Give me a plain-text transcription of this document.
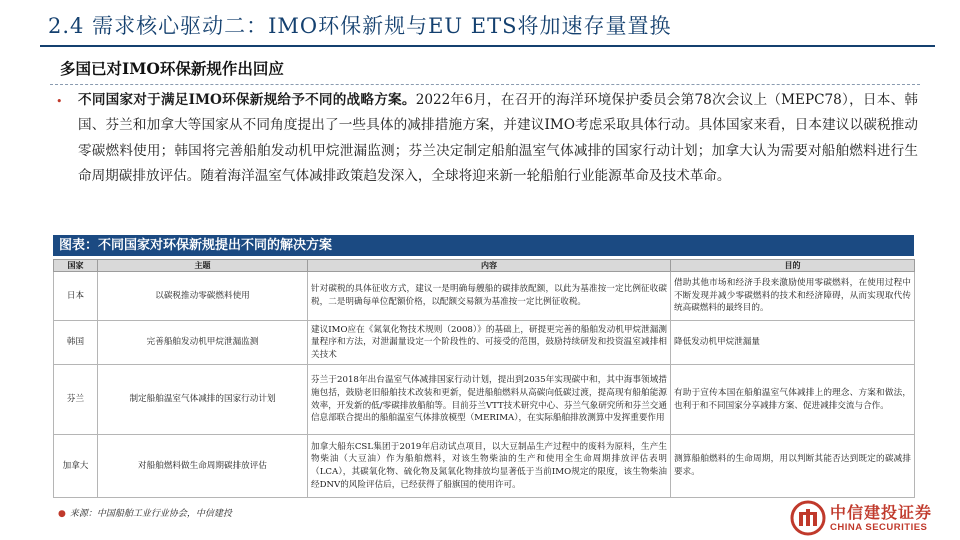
2.4 需求核心驱动二：IMO环保新规与EU ETS将加速存量置换
多国已对IMO环保新规作出回应
• 不同国家对于满足IMO环保新规给予不同的战略方案。2022年6月，在召开的海洋环境保护委员会第78次会议上（MEPC78），日本、韩国、芬兰和加拿大等国家从不同角度提出了一些具体的减排措施方案，并建议IMO考虑采取具体行动。具体国家来看，日本建议以碳税推动零碳燃料使用；韩国将完善船舶发动机甲烷泄漏监测；芬兰决定制定船舶温室气体减排的国家行动计划；加拿大认为需要对船舶燃料进行生命周期碳排放评估。随着海洋温室气体减排政策趋发深入，全球将迎来新一轮船舶行业能源革命及技术革命。
图表：不同国家对环保新规提出不同的解决方案
国家	主题	内容	目的
日本	以碳税推动零碳燃料使用	针对碳税的具体征收方式，建议一是明确每艘船的碳排放配额，以此为基准按一定比例征收碳税，二是明确每单位配额价格，以配额交易额为基准按一定比例征收税。	借助其他市场和经济手段来激励使用零碳燃料，在使用过程中不断发现并减少零碳燃料的技术和经济障碍，从而实现取代传统高碳燃料的最终目的。
韩国	完善船舶发动机甲烷泄漏监测	建议IMO应在《氮氧化物技术规则（2008）》的基础上，研提更完善的船舶发动机甲烷泄漏测量程序和方法，对泄漏量设定一个阶段性的、可接受的范围，鼓励持续研发和投资温室减排相关技术	降低发动机甲烷泄漏量
芬兰	制定船舶温室气体减排的国家行动计划	芬兰于2018年出台温室气体减排国家行动计划，提出到2035年实现碳中和，其中海事领域措施包括，鼓励老旧船舶技术改装和更新，促进船舶燃料从高碳向低碳过渡，提高现有船舶能源效率，开发新的低/零碳排放船舶等。目前芬兰VTT技术研究中心、芬兰气象研究所和芬兰交通信息部联合提出的船舶温室气体排放模型（MERIMA），在实际船舶排放测算中发挥重要作用	有助于宣传本国在船舶温室气体减排上的理念、方案和做法，也利于和不同国家分享减排方案、促进减排交流与合作。
加拿大	对船舶燃料做生命周期碳排放评估	加拿大船东CSL集团于2019年启动试点项目，以大豆制品生产过程中的废料为原料，生产生物柴油（大豆油）作为船舶燃料，对该生物柴油的生产和使用全生命周期排放评估表明（LCA），其碳氧化物、硫化物及氮氧化物排放均显著低于当前IMO规定的限度，该生物柴油经DNV的风险评估后，已经获得了船旗国的使用许可。	测算船舶燃料的生命周期，用以判断其能否达到既定的碳减排要求。
● 来源：中国船舶工业行业协会，中信建投	中信建投证券
CHINA SECURITIES
